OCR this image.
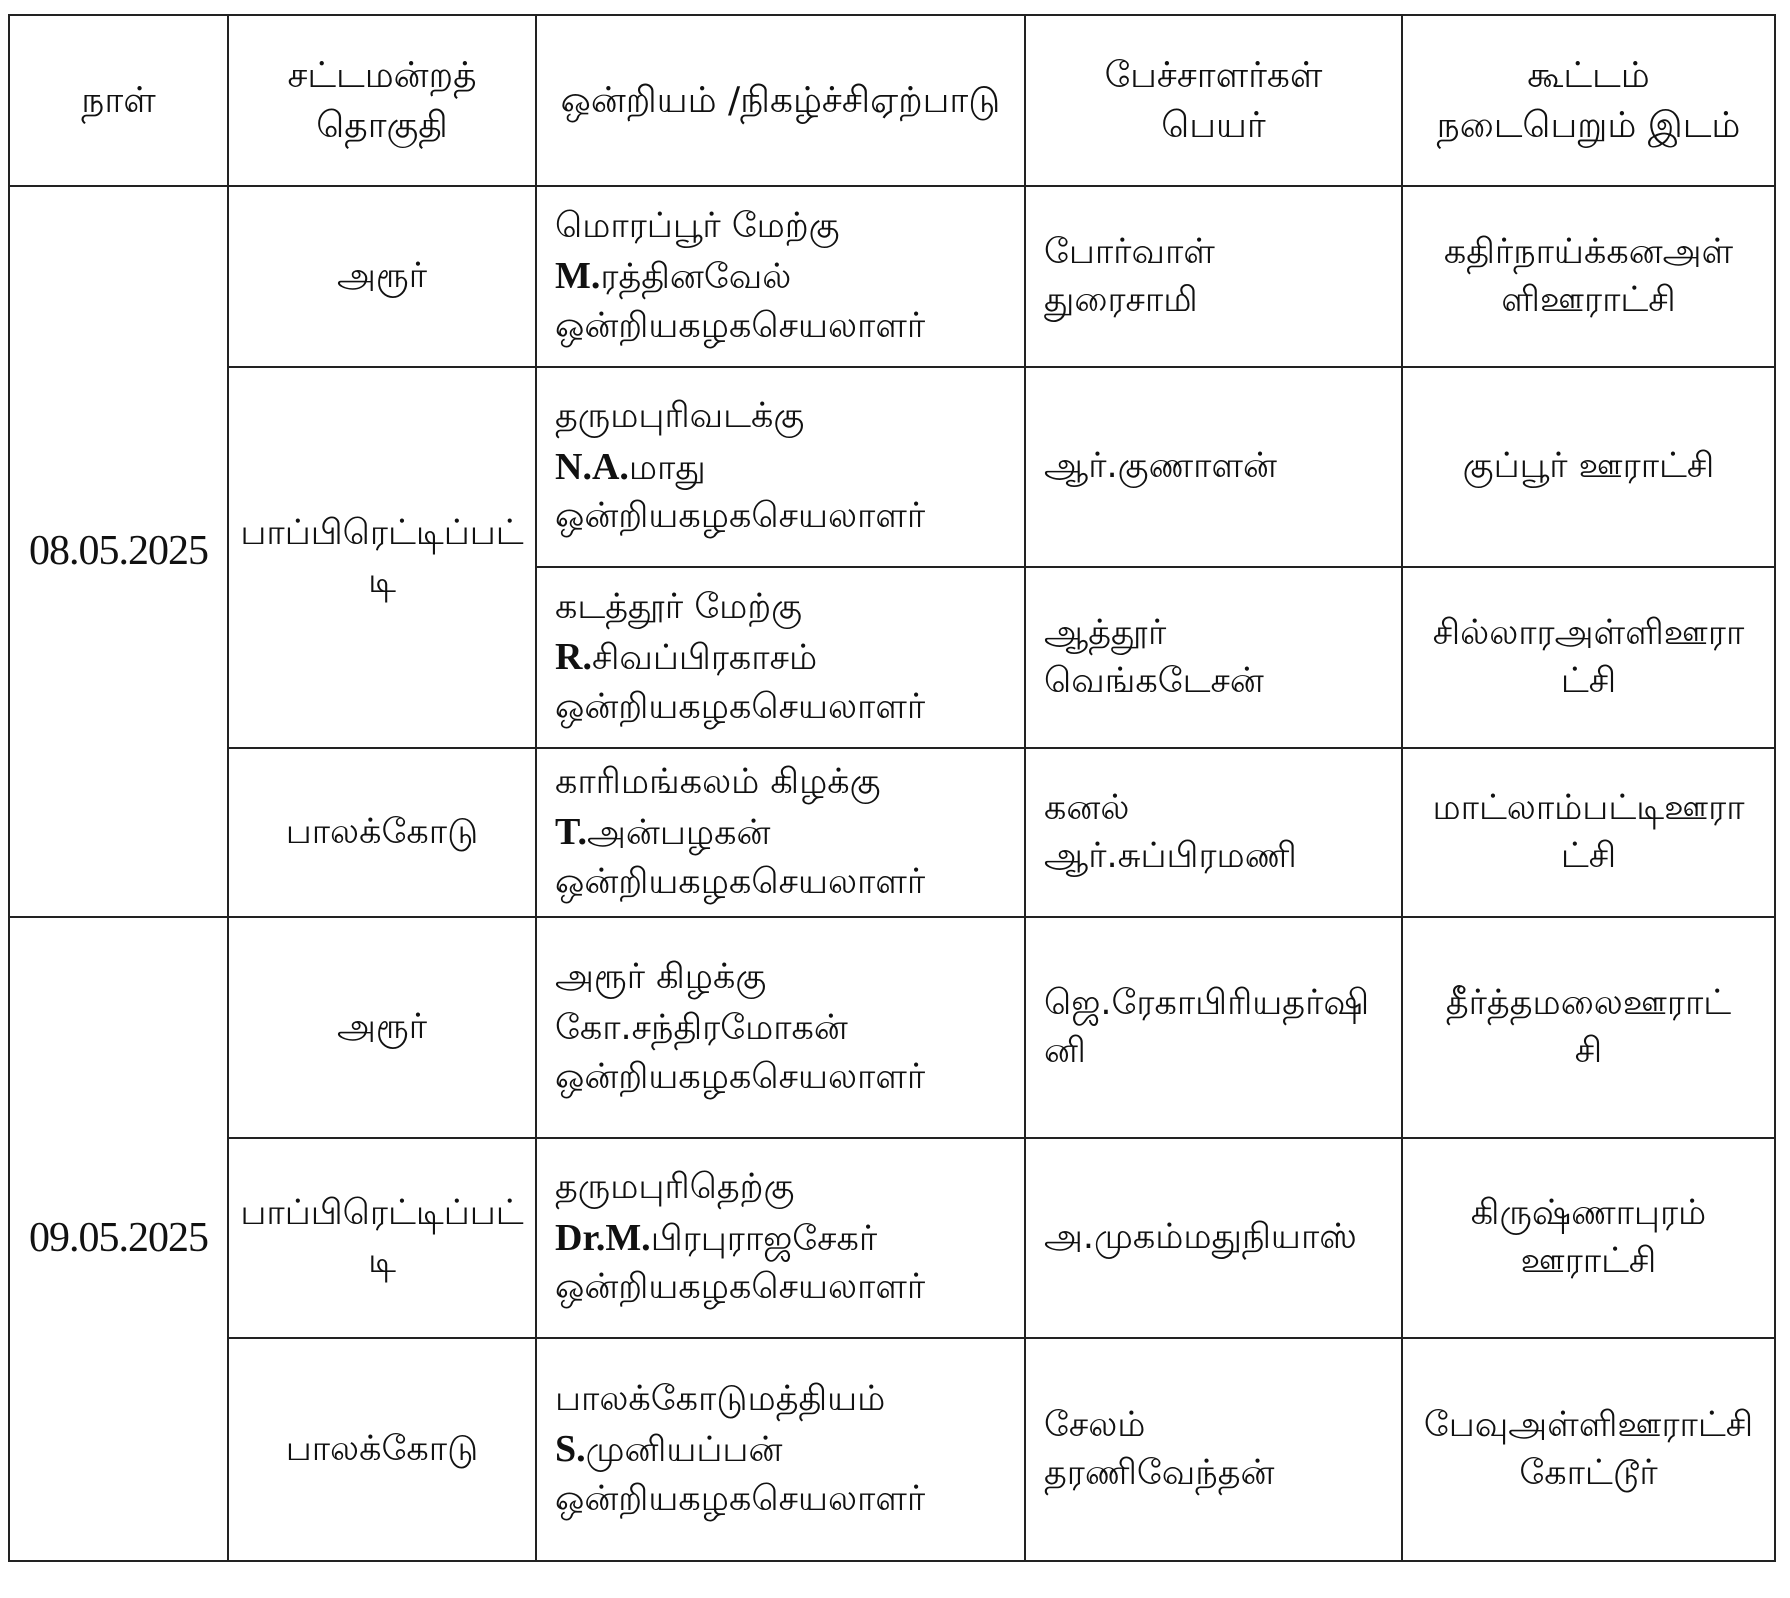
நாள்	சட்டமன்றத்
தொகுதி	ஒன்றியம் /நிகழ்ச்சிஏற்பாடு	பேச்சாளர்கள்
பெயர்	கூட்டம்
நடைபெறும் இடம்

08.05.2025	அரூர்	மொரப்பூர் மேற்கு
M.ரத்தினவேல்
ஒன்றியகழகசெயலாளர்	போர்வாள்
துரைசாமி	கதிர்நாய்க்கனஅள்
ளிஊராட்சி

	பாப்பிரெட்டிப்பட்
டி	தருமபுரிவடக்கு
N.A.மாது
ஒன்றியகழகசெயலாளர்	ஆர்.குணாளன்	குப்பூர் ஊராட்சி

		கடத்தூர் மேற்கு
R.சிவப்பிரகாசம்
ஒன்றியகழகசெயலாளர்	ஆத்தூர்
வெங்கடேசன்	சில்லாரஅள்ளிஊரா
ட்சி

	பாலக்கோடு	காரிமங்கலம் கிழக்கு
T.அன்பழகன்
ஒன்றியகழகசெயலாளர்	கனல்
ஆர்.சுப்பிரமணி	மாட்லாம்பட்டிஊரா
ட்சி

09.05.2025	அரூர்	அரூர் கிழக்கு
கோ.சந்திரமோகன்
ஒன்றியகழகசெயலாளர்	ஜெ.ரேகாபிரியதர்ஷி
னி	தீர்த்தமலைஊராட்
சி

	பாப்பிரெட்டிப்பட்
டி	தருமபுரிதெற்கு
Dr.M.பிரபுராஜசேகர்
ஒன்றியகழகசெயலாளர்	அ.முகம்மதுநியாஸ்	கிருஷ்ணாபுரம்
ஊராட்சி

	பாலக்கோடு	பாலக்கோடுமத்தியம்
S.முனியப்பன்
ஒன்றியகழகசெயலாளர்	சேலம்
தரணிவேந்தன்	பேவுஅள்ளிஊராட்சி
கோட்டூர்
